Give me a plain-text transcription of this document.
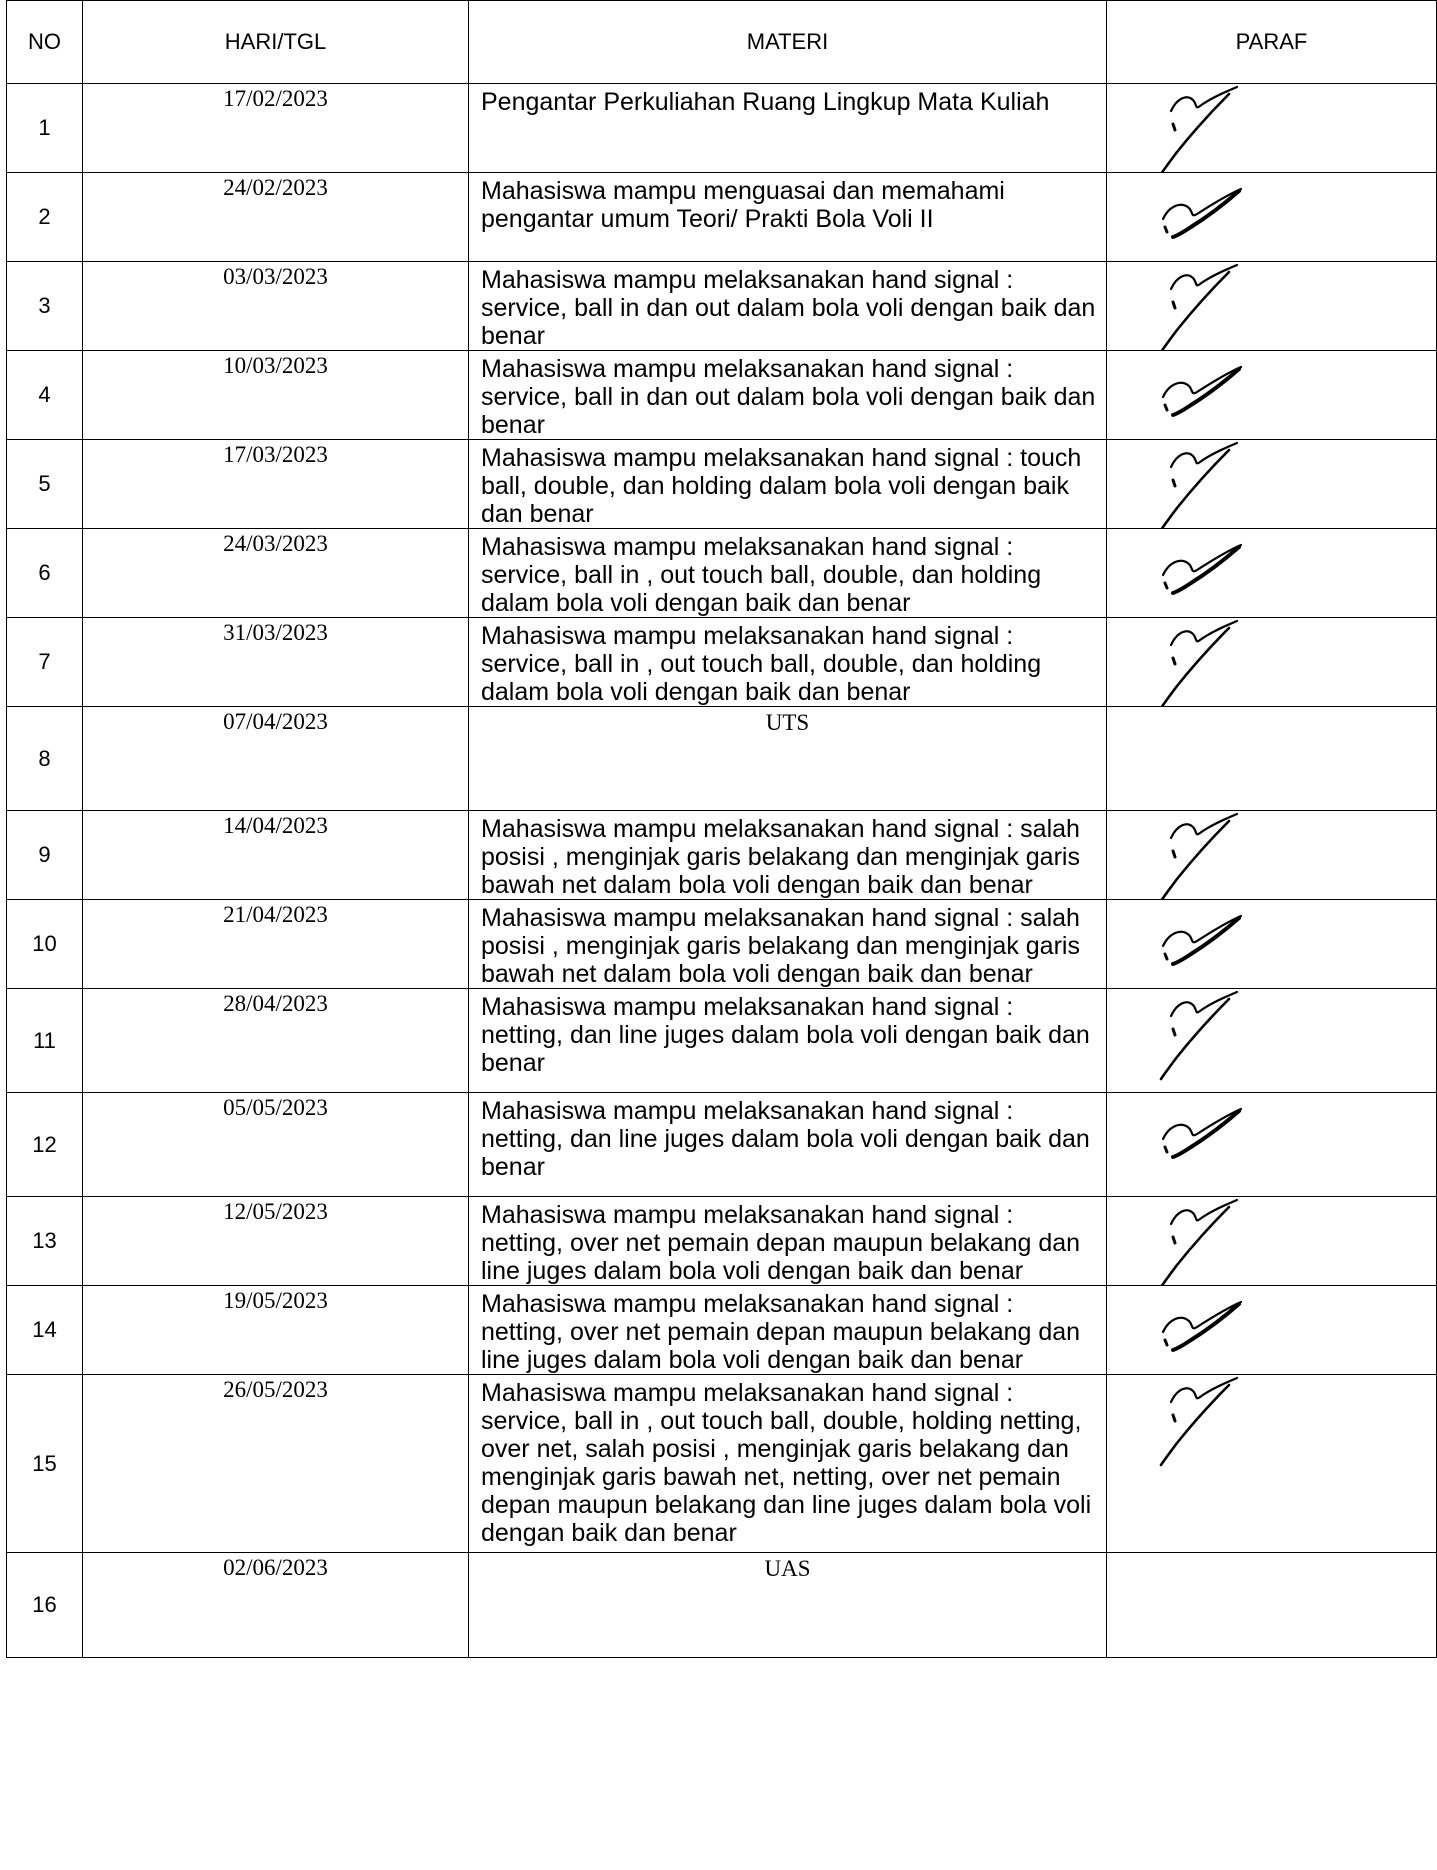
NO	HARI/TGL	MATERI	PARAF
1	17/02/2023	Pengantar Perkuliahan Ruang Lingkup Mata Kuliah	

2	24/02/2023	Mahasiswa mampu menguasai dan memahami pengantar umum Teori/ Prakti Bola Voli II	

3	03/03/2023	Mahasiswa mampu melaksanakan hand signal : service, ball in dan out dalam bola voli dengan baik dan benar	

4	10/03/2023	Mahasiswa mampu melaksanakan hand signal : service, ball in dan out dalam bola voli dengan baik dan benar	

5	17/03/2023	Mahasiswa mampu melaksanakan hand signal : touch ball, double, dan holding dalam bola voli dengan baik dan benar	

6	24/03/2023	Mahasiswa mampu melaksanakan hand signal : service, ball in , out touch ball, double, dan holding dalam bola voli dengan baik dan benar	

7	31/03/2023	Mahasiswa mampu melaksanakan hand signal : service, ball in , out touch ball, double, dan holding dalam bola voli dengan baik dan benar	

8	07/04/2023	UTS	
9	14/04/2023	Mahasiswa mampu melaksanakan hand signal : salah posisi , menginjak garis belakang dan menginjak garis bawah net dalam bola voli dengan baik dan benar	

10	21/04/2023	Mahasiswa mampu melaksanakan hand signal : salah posisi , menginjak garis belakang dan menginjak garis bawah net dalam bola voli dengan baik dan benar	

11	28/04/2023	Mahasiswa mampu melaksanakan hand signal : netting, dan line juges dalam bola voli dengan baik dan benar	

12	05/05/2023	Mahasiswa mampu melaksanakan hand signal : netting, dan line juges dalam bola voli dengan baik dan benar	

13	12/05/2023	Mahasiswa mampu melaksanakan hand signal : netting, over net pemain depan maupun belakang dan line juges dalam bola voli dengan baik dan benar	

14	19/05/2023	Mahasiswa mampu melaksanakan hand signal : netting, over net pemain depan maupun belakang dan line juges dalam bola voli dengan baik dan benar	

15	26/05/2023	Mahasiswa mampu melaksanakan hand signal : service, ball in , out touch ball, double, holding netting, over net, salah posisi , menginjak garis belakang dan menginjak garis bawah net, netting, over net pemain depan maupun belakang dan line juges dalam bola voli dengan baik dan benar	

16	02/06/2023	UAS	
